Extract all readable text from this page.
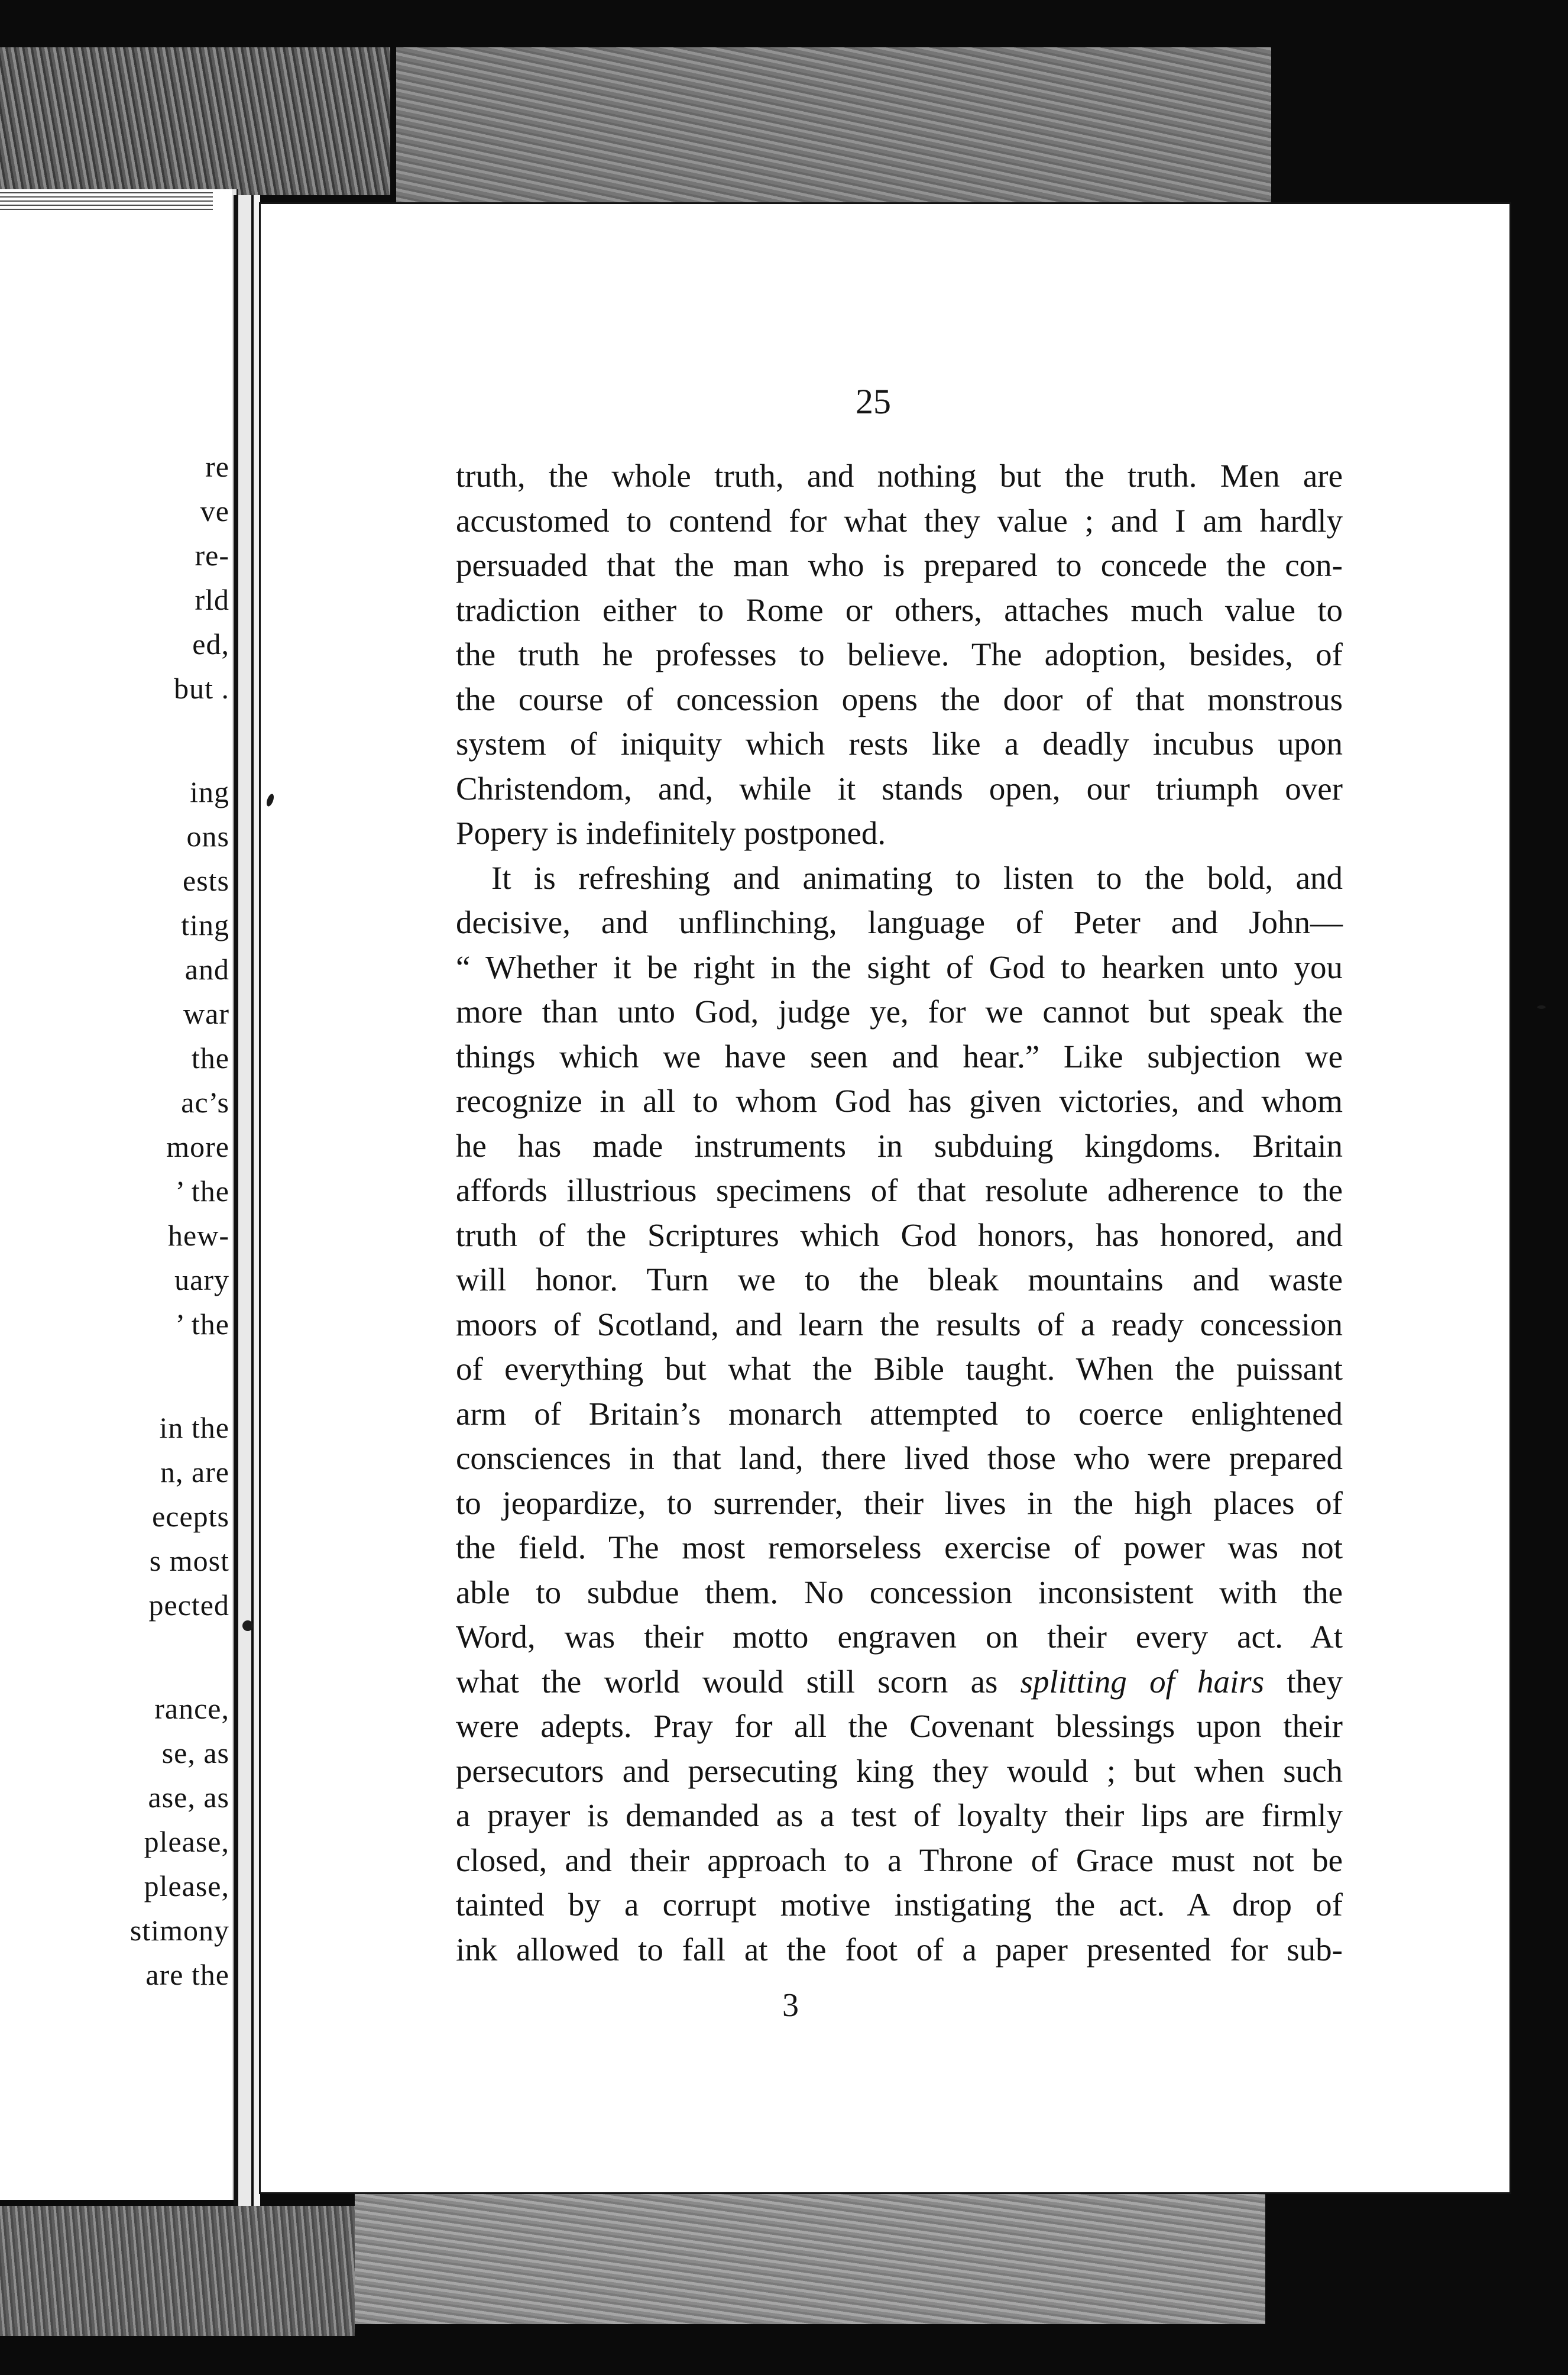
re
ve
re-
rld
ed,
but .
ing
ons
ests
ting
and
war
the
ac’s
more
’ the
hew-
uary
’ the
in the
n, are
ecepts
s most
pected
rance,
se, as
ase, as
please,
please,
stimony
are the
25
truth, the whole truth, and nothing but the truth. Men are
accustomed to contend for what they value ; and I am hardly
persuaded that the man who is prepared to concede the con-
tradiction either to Rome or others, attaches much value to
the truth he professes to believe. The adoption, besides, of
the course of concession opens the door of that monstrous
system of iniquity which rests like a deadly incubus upon
Christendom, and, while it stands open, our triumph over
Popery is indefinitely postponed.
It is refreshing and animating to listen to the bold, and
decisive, and unflinching, language of Peter and John—
“ Whether it be right in the sight of God to hearken unto you
more than unto God, judge ye, for we cannot but speak the
things which we have seen and hear.” Like subjection we
recognize in all to whom God has given victories, and whom
he has made instruments in subduing kingdoms. Britain
affords illustrious specimens of that resolute adherence to the
truth of the Scriptures which God honors, has honored, and
will honor. Turn we to the bleak mountains and waste
moors of Scotland, and learn the results of a ready concession
of everything but what the Bible taught. When the puissant
arm of Britain’s monarch attempted to coerce enlightened
consciences in that land, there lived those who were prepared
to jeopardize, to surrender, their lives in the high places of
the field. The most remorseless exercise of power was not
able to subdue them. No concession inconsistent with the
Word, was their motto engraven on their every act. At
what the world would still scorn as splitting of hairs they
were adepts. Pray for all the Covenant blessings upon their
persecutors and persecuting king they would ; but when such
a prayer is demanded as a test of loyalty their lips are firmly
closed, and their approach to a Throne of Grace must not be
tainted by a corrupt motive instigating the act. A drop of
ink allowed to fall at the foot of a paper presented for sub-
3
